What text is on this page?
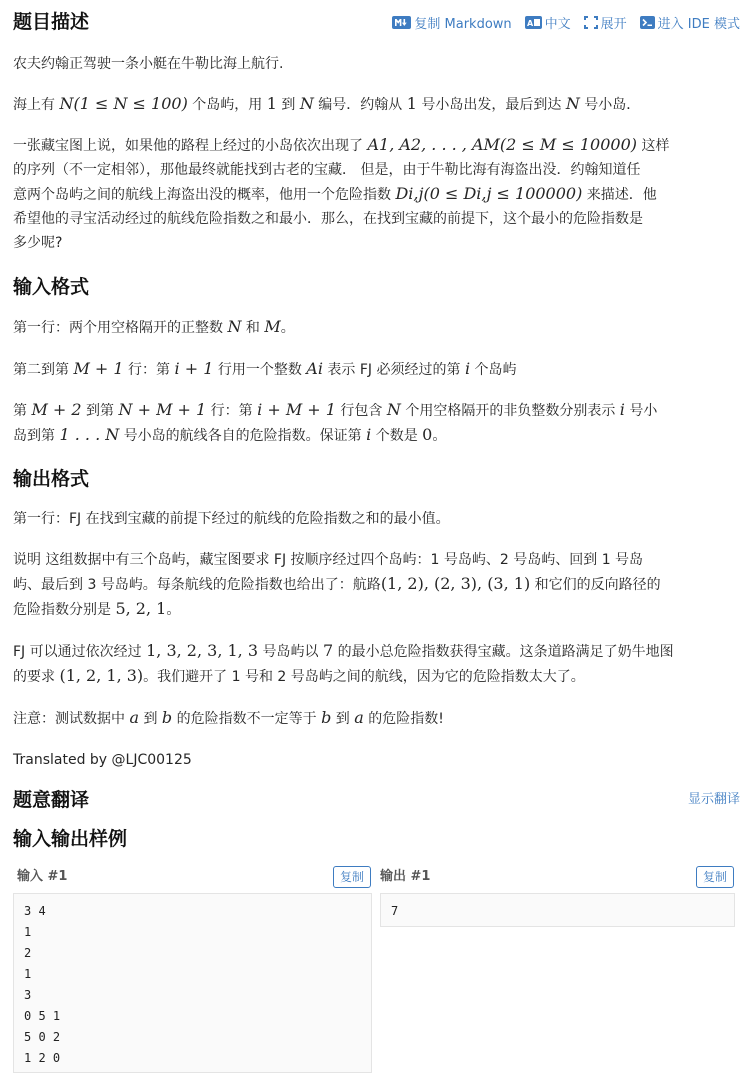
题目描述	复制 Markdown A 中文 展开 进入 IDE 模式
农夫约翰正驾驶一条小艇在牛勒比海上航行.
海上有 N(1 ≤ N ≤ 100) 个岛屿，用 1 到 N 编号．约翰从 1 号小岛出发，最后到达 N 号小岛．
一张藏宝图上说，如果他的路程上经过的小岛依次出现了 A1, A2, . . . , AM(2 ≤ M ≤ 10000) 这样
的序列（不一定相邻），那他最终就能找到古老的宝藏． 但是，由于牛勒比海有海盗出没．约翰知道任
意两个岛屿之间的航线上海盗出没的概率，他用一个危险指数 Di,j(0 ≤ Di,j ≤ 100000) 来描述．他
希望他的寻宝活动经过的航线危险指数之和最小．那么，在找到宝藏的前提下，这个最小的危险指数是
多少呢?
输入格式
第一行：两个用空格隔开的正整数 N 和 M。
第二到第 M + 1 行：第 i + 1 行用一个整数 Ai 表示 FJ 必须经过的第 i 个岛屿
第 M + 2 到第 N + M + 1 行：第 i + M + 1 行包含 N 个用空格隔开的非负整数分别表示 i 号小
岛到第 1 . . . N 号小岛的航线各自的危险指数。保证第 i 个数是 0。
输出格式
第一行：FJ 在找到宝藏的前提下经过的航线的危险指数之和的最小值。
说明 这组数据中有三个岛屿，藏宝图要求 FJ 按顺序经过四个岛屿：1 号岛屿、2 号岛屿、回到 1 号岛
屿、最后到 3 号岛屿。每条航线的危险指数也给出了：航路(1, 2), (2, 3), (3, 1) 和它们的反向路径的
危险指数分别是 5, 2, 1。
FJ 可以通过依次经过 1, 3, 2, 3, 1, 3 号岛屿以 7 的最小总危险指数获得宝藏。这条道路满足了奶牛地图
的要求 (1, 2, 1, 3)。我们避开了 1 号和 2 号岛屿之间的航线，因为它的危险指数太大了。
注意：测试数据中 a 到 b 的危险指数不一定等于 b 到 a 的危险指数!
Translated by @LJC00125
题意翻译	显示翻译
输入输出样例
输入 #1	复制
3 4
1
2
1
3
0 5 1
5 0 2
1 2 0
输出 #1	复制
7
